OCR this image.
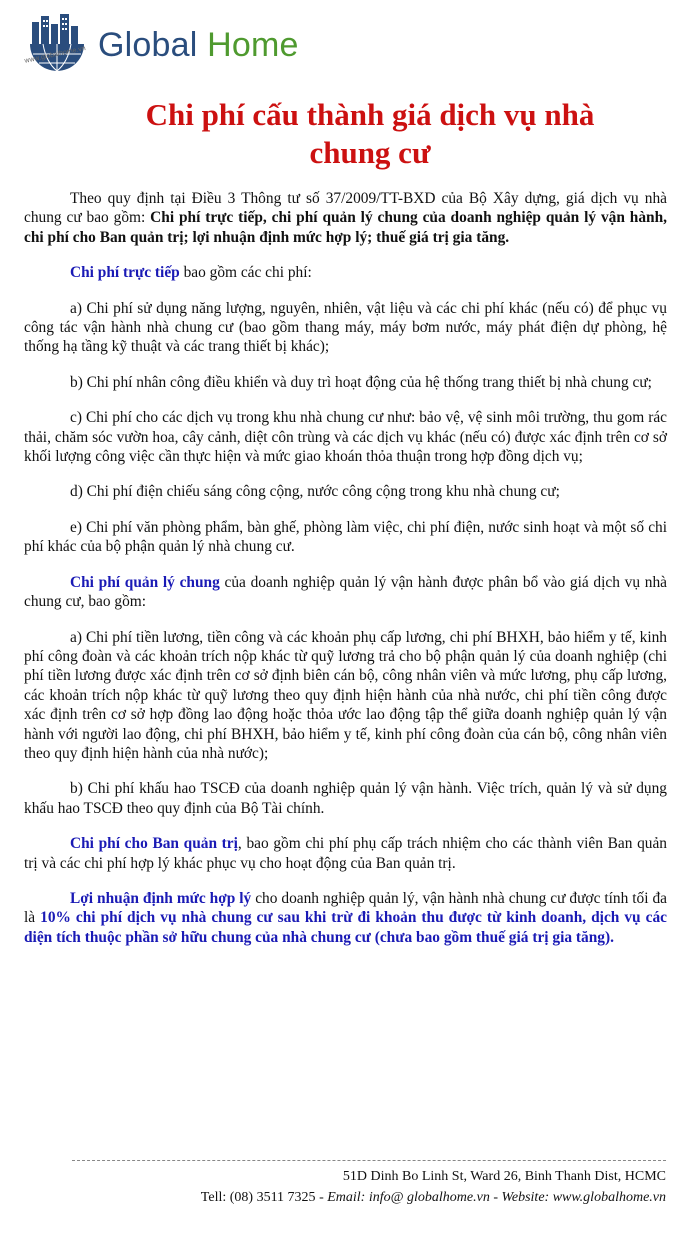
www.globalhome.vn Global Home
Chi phí cấu thành giá dịch vụ nhà
chung cư

Theo quy định tại Điều 3 Thông tư số 37/2009/TT-BXD của Bộ Xây dựng, giá dịch vụ nhà chung cư bao gồm: Chi phí trực tiếp, chi phí quản lý chung của doanh nghiệp quản lý vận hành, chi phí cho Ban quản trị; lợi nhuận định mức hợp lý; thuế giá trị gia tăng.

Chi phí trực tiếp bao gồm các chi phí:

a) Chi phí sử dụng năng lượng, nguyên, nhiên, vật liệu và các chi phí khác (nếu có) để phục vụ công tác vận hành nhà chung cư (bao gồm thang máy, máy bơm nước, máy phát điện dự phòng, hệ thống hạ tầng kỹ thuật và các trang thiết bị khác);

b) Chi phí nhân công điều khiển và duy trì hoạt động của hệ thống trang thiết bị nhà chung cư;

c) Chi phí cho các dịch vụ trong khu nhà chung cư như: bảo vệ, vệ sinh môi trường, thu gom rác thải, chăm sóc vườn hoa, cây cảnh, diệt côn trùng và các dịch vụ khác (nếu có) được xác định trên cơ sở khối lượng công việc cần thực hiện và mức giao khoán thỏa thuận trong hợp đồng dịch vụ;

d) Chi phí điện chiếu sáng công cộng, nước công cộng trong khu nhà chung cư;

e) Chi phí văn phòng phẩm, bàn ghế, phòng làm việc, chi phí điện, nước sinh hoạt và một số chi phí khác của bộ phận quản lý nhà chung cư.

Chi phí quản lý chung của doanh nghiệp quản lý vận hành được phân bổ vào giá dịch vụ nhà chung cư, bao gồm:

a) Chi phí tiền lương, tiền công và các khoản phụ cấp lương, chi phí BHXH, bảo hiểm y tế, kinh phí công đoàn và các khoản trích nộp khác từ quỹ lương trả cho bộ phận quản lý của doanh nghiệp (chi phí tiền lương được xác định trên cơ sở định biên cán bộ, công nhân viên và mức lương, phụ cấp lương, các khoản trích nộp khác từ quỹ lương theo quy định hiện hành của nhà nước, chi phí tiền công được xác định trên cơ sở hợp đồng lao động hoặc thỏa ước lao động tập thể giữa doanh nghiệp quản lý vận hành với người lao động, chi phí BHXH, bảo hiểm y tế, kinh phí công đoàn của cán bộ, công nhân viên theo quy định hiện hành của nhà nước);

b) Chi phí khấu hao TSCĐ của doanh nghiệp quản lý vận hành. Việc trích, quản lý và sử dụng khấu hao TSCĐ theo quy định của Bộ Tài chính.

Chi phí cho Ban quản trị, bao gồm chi phí phụ cấp trách nhiệm cho các thành viên Ban quản trị và các chi phí hợp lý khác phục vụ cho hoạt động của Ban quản trị.

Lợi nhuận định mức hợp lý cho doanh nghiệp quản lý, vận hành nhà chung cư được tính tối đa là 10% chi phí dịch vụ nhà chung cư sau khi trừ đi khoản thu được từ kinh doanh, dịch vụ các diện tích thuộc phần sở hữu chung của nhà chung cư (chưa bao gồm thuế giá trị gia tăng).

51D Dinh Bo Linh St, Ward 26, Binh Thanh Dist, HCMC
Tell: (08) 3511 7325 - Email: info@ globalhome.vn - Website: www.globalhome.vn
